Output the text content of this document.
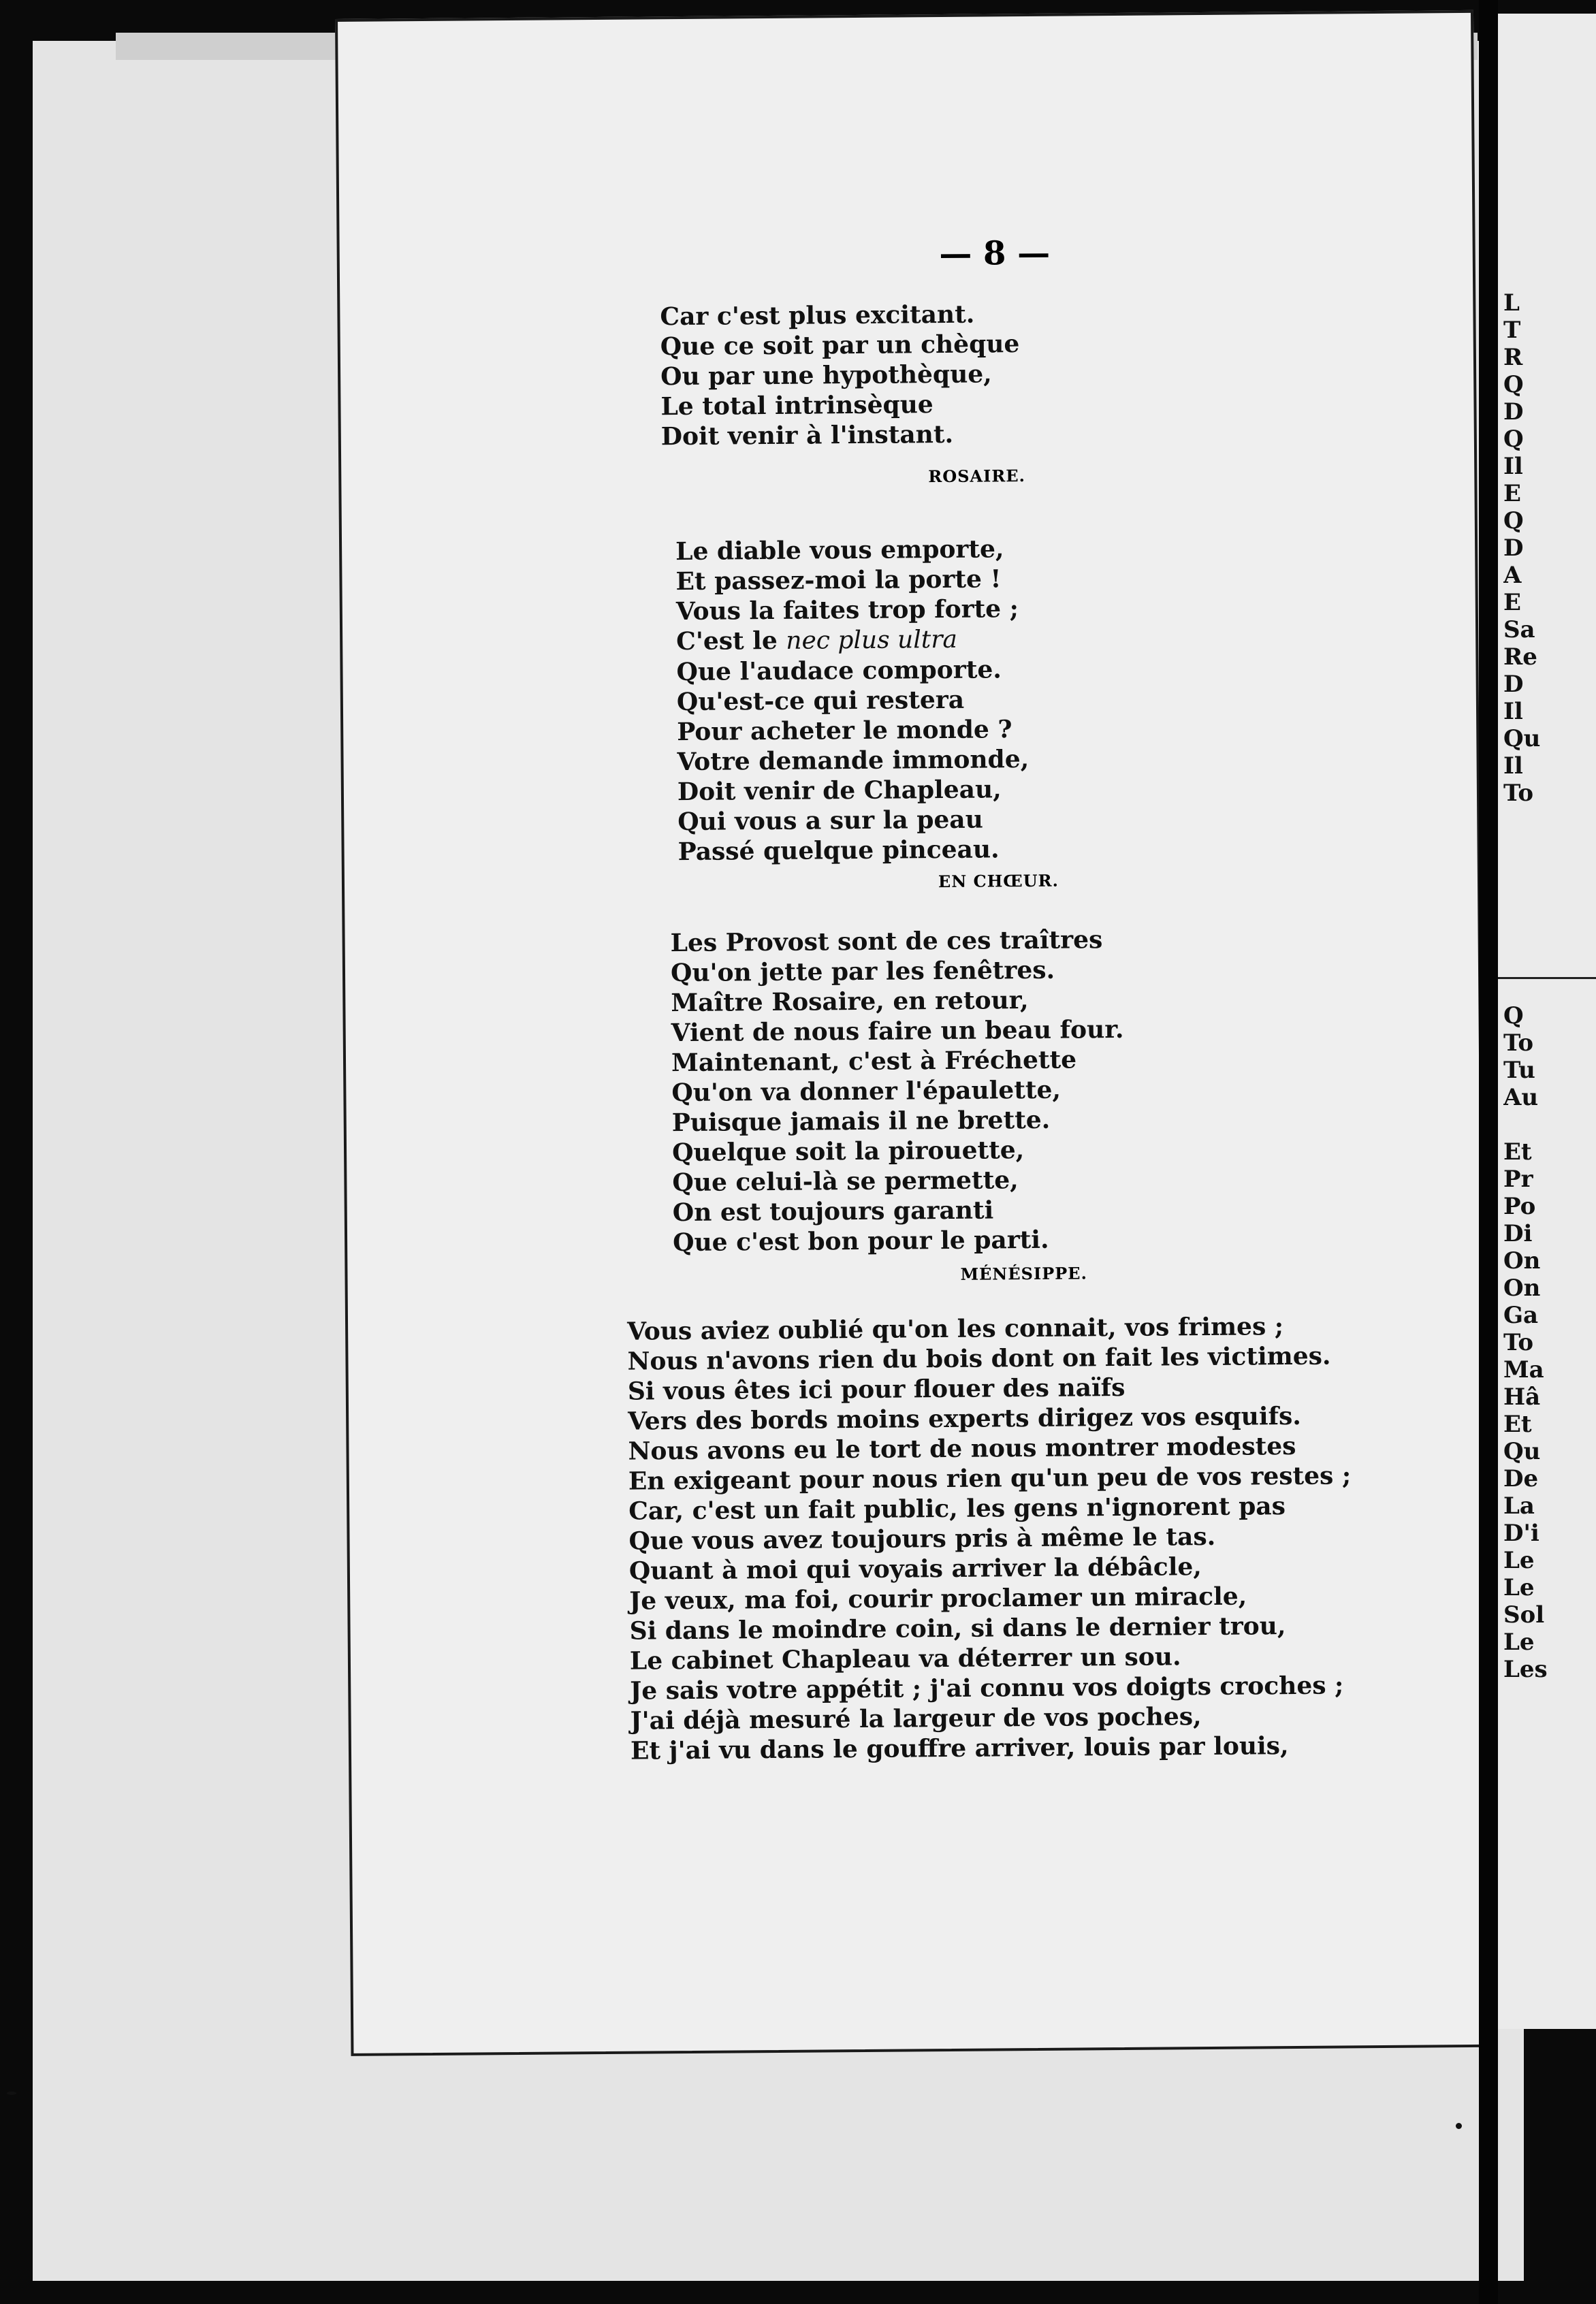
— 8 —
Car c'est plus excitant.
Que ce soit par un chèque
Ou par une hypothèque,
Le total intrinsèque
Doit venir à l'instant.
ROSAIRE.
Le diable vous emporte,
Et passez-moi la porte !
Vous la faites trop forte ;
C'est le nec plus ultra
Que l'audace comporte.
Qu'est-ce qui restera
Pour acheter le monde ?
Votre demande immonde,
Doit venir de Chapleau,
Qui vous a sur la peau
Passé quelque pinceau.
EN CHŒUR.
Les Provost sont de ces traîtres
Qu'on jette par les fenêtres.
Maître Rosaire, en retour,
Vient de nous faire un beau four.
Maintenant, c'est à Fréchette
Qu'on va donner l'épaulette,
Puisque jamais il ne brette.
Quelque soit la pirouette,
Que celui-là se permette,
On est toujours garanti
Que c'est bon pour le parti.
MÉNÉSIPPE.
Vous aviez oublié qu'on les connait, vos frimes ;
Nous n'avons rien du bois dont on fait les victimes.
Si vous êtes ici pour flouer des naïfs
Vers des bords moins experts dirigez vos esquifs.
Nous avons eu le tort de nous montrer modestes
En exigeant pour nous rien qu'un peu de vos restes ;
Car, c'est un fait public, les gens n'ignorent pas
Que vous avez toujours pris à même le tas.
Quant à moi qui voyais arriver la débâcle,
Je veux, ma foi, courir proclamer un miracle,
Si dans le moindre coin, si dans le dernier trou,
Le cabinet Chapleau va déterrer un sou.
Je sais votre appétit ; j'ai connu vos doigts croches ;
J'ai déjà mesuré la largeur de vos poches,
Et j'ai vu dans le gouffre arriver, louis par louis,
L
T
R
Q
D
Q
Il
E
Q
D
A
E
Sa
Re
D
Il
Qu
Il
To
Q
To
Tu
Au
Et
Pr
Po
Di
On
On
Ga
To
Ma
Hâ
Et
Qu
De
La
D'i
Le
Le
Sol
Le
Les
